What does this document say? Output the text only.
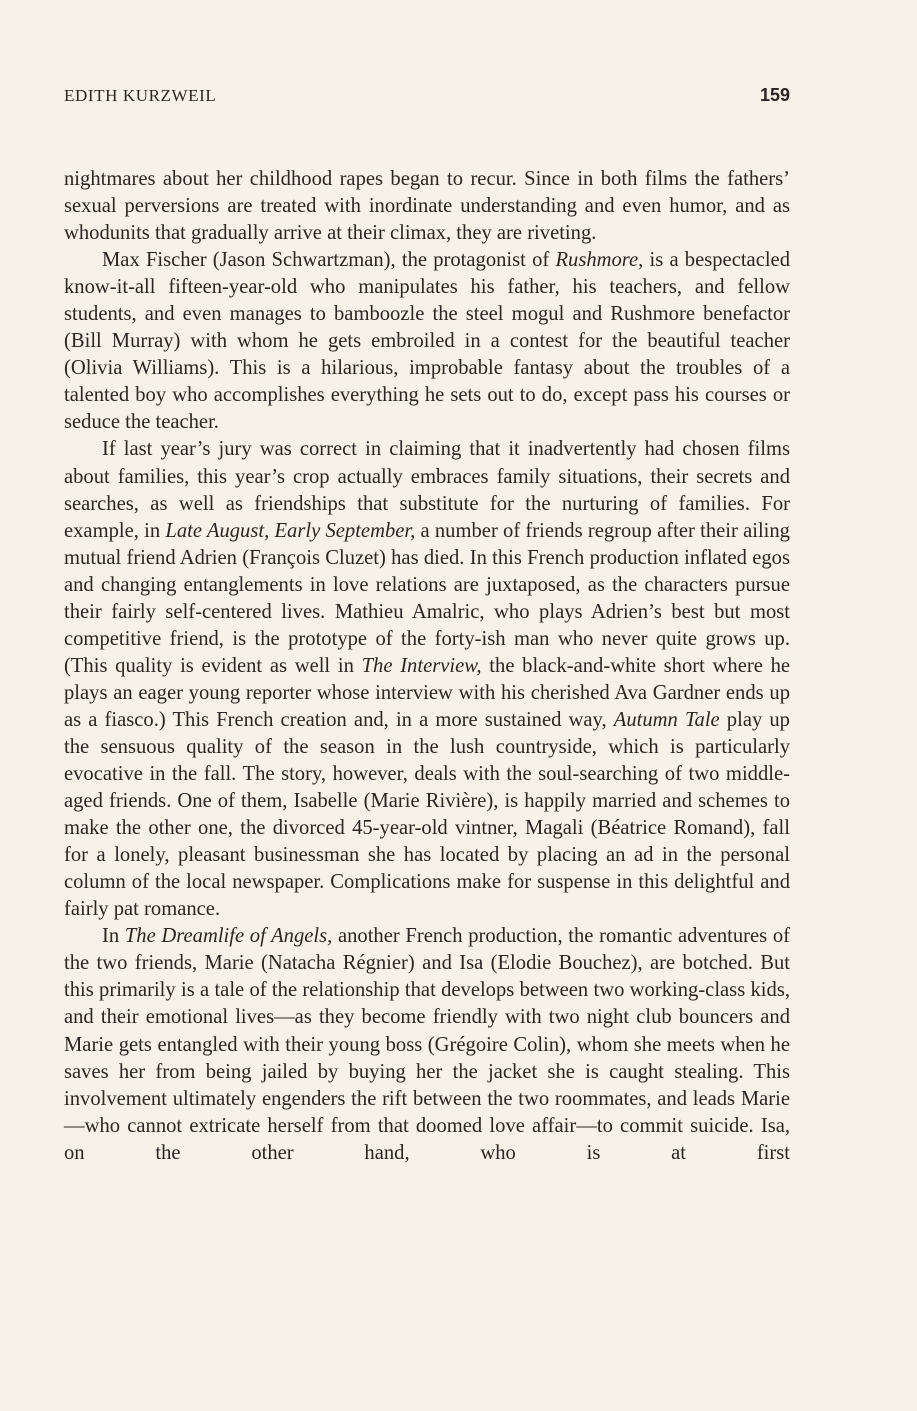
EDITH KURZWEIL	159

nightmares about her childhood rapes began to recur. Since in both films the fathers’ sexual perversions are treated with inordinate understanding and even humor, and as whodunits that gradually arrive at their climax, they are riveting.

Max Fischer (Jason Schwartzman), the protagonist of Rushmore, is a bespectacled know-it-all fifteen-year-old who manipulates his father, his teachers, and fellow students, and even manages to bamboozle the steel mogul and Rushmore benefactor (Bill Murray) with whom he gets embroiled in a contest for the beautiful teacher (Olivia Williams). This is a hilarious, improbable fantasy about the troubles of a talented boy who accomplishes everything he sets out to do, except pass his courses or seduce the teacher.

If last year’s jury was correct in claiming that it inadvertently had chosen films about families, this year’s crop actually embraces family situations, their secrets and searches, as well as friendships that substitute for the nurturing of families. For example, in Late August, Early September, a number of friends regroup after their ailing mutual friend Adrien (François Cluzet) has died. In this French production inflated egos and changing entanglements in love relations are juxtaposed, as the characters pursue their fairly self-centered lives. Mathieu Amalric, who plays Adrien’s best but most competitive friend, is the prototype of the forty-ish man who never quite grows up. (This quality is evident as well in The Interview, the black-and-white short where he plays an eager young reporter whose interview with his cherished Ava Gardner ends up as a fiasco.) This French creation and, in a more sustained way, Autumn Tale play up the sensuous quality of the season in the lush countryside, which is particularly evocative in the fall. The story, however, deals with the soul-searching of two middle-aged friends. One of them, Isabelle (Marie Rivière), is happily married and schemes to make the other one, the divorced 45-year-old vintner, Magali (Béatrice Romand), fall for a lonely, pleasant businessman she has located by placing an ad in the personal column of the local newspaper. Complications make for suspense in this delightful and fairly pat romance.

In The Dreamlife of Angels, another French production, the romantic adventures of the two friends, Marie (Natacha Régnier) and Isa (Elodie Bouchez), are botched. But this primarily is a tale of the relationship that develops between two working-class kids, and their emotional lives—as they become friendly with two night club bouncers and Marie gets entangled with their young boss (Grégoire Colin), whom she meets when he saves her from being jailed by buying her the jacket she is caught stealing. This involvement ultimately engenders the rift between the two roommates, and leads Marie—who cannot extricate herself from that doomed love affair—to commit suicide. Isa, on the other hand, who is at first
